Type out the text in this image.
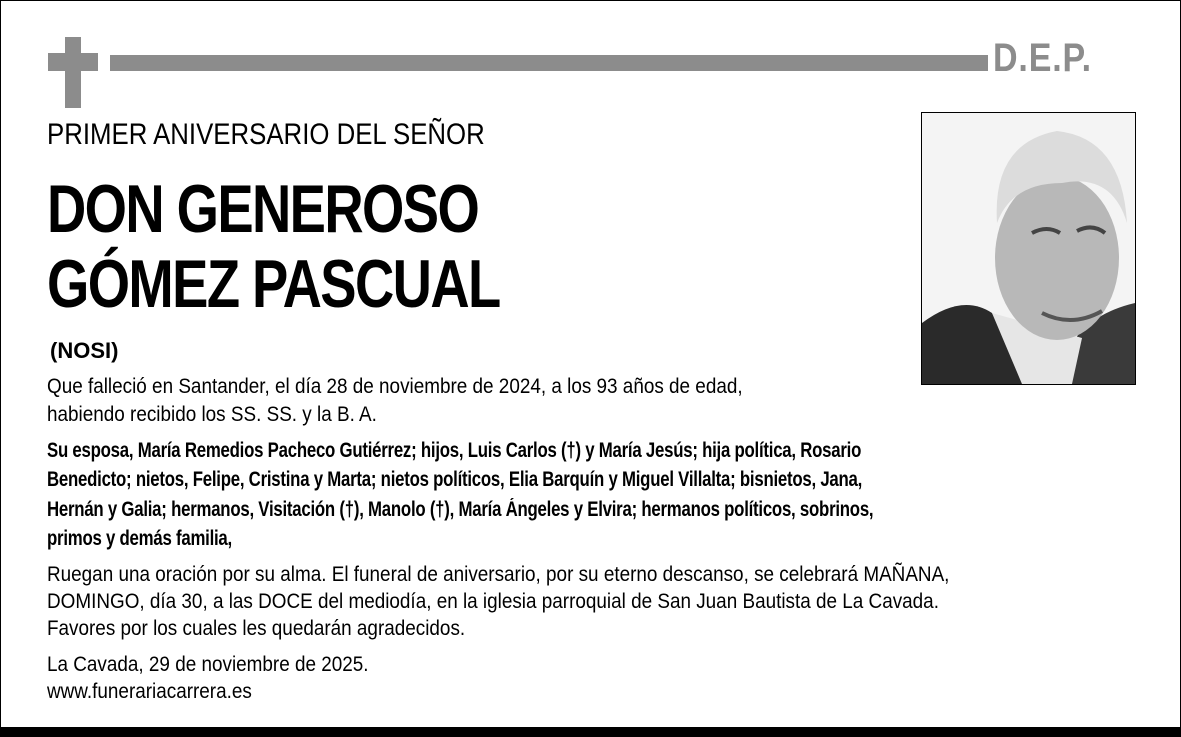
D.E.P.
PRIMER ANIVERSARIO DEL SEÑOR
DON GENEROSO
GÓMEZ PASCUAL
(NOSI)
Que falleció en Santander, el día 28 de noviembre de 2024, a los 93 años de edad,
habiendo recibido los SS. SS. y la B. A.
Su esposa, María Remedios Pacheco Gutiérrez; hijos, Luis Carlos (†) y María Jesús; hija política, Rosario
Benedicto; nietos, Felipe, Cristina y Marta; nietos políticos, Elia Barquín y Miguel Villalta; bisnietos, Jana,
Hernán y Galia; hermanos, Visitación (†), Manolo (†), María Ángeles y Elvira; hermanos políticos, sobrinos,
primos y demás familia,
Ruegan una oración por su alma. El funeral de aniversario, por su eterno descanso, se celebrará MAÑANA,
DOMINGO, día 30, a las DOCE del mediodía, en la iglesia parroquial de San Juan Bautista de La Cavada.
Favores por los cuales les quedarán agradecidos.
La Cavada, 29 de noviembre de 2025.
www.funerariacarrera.es
